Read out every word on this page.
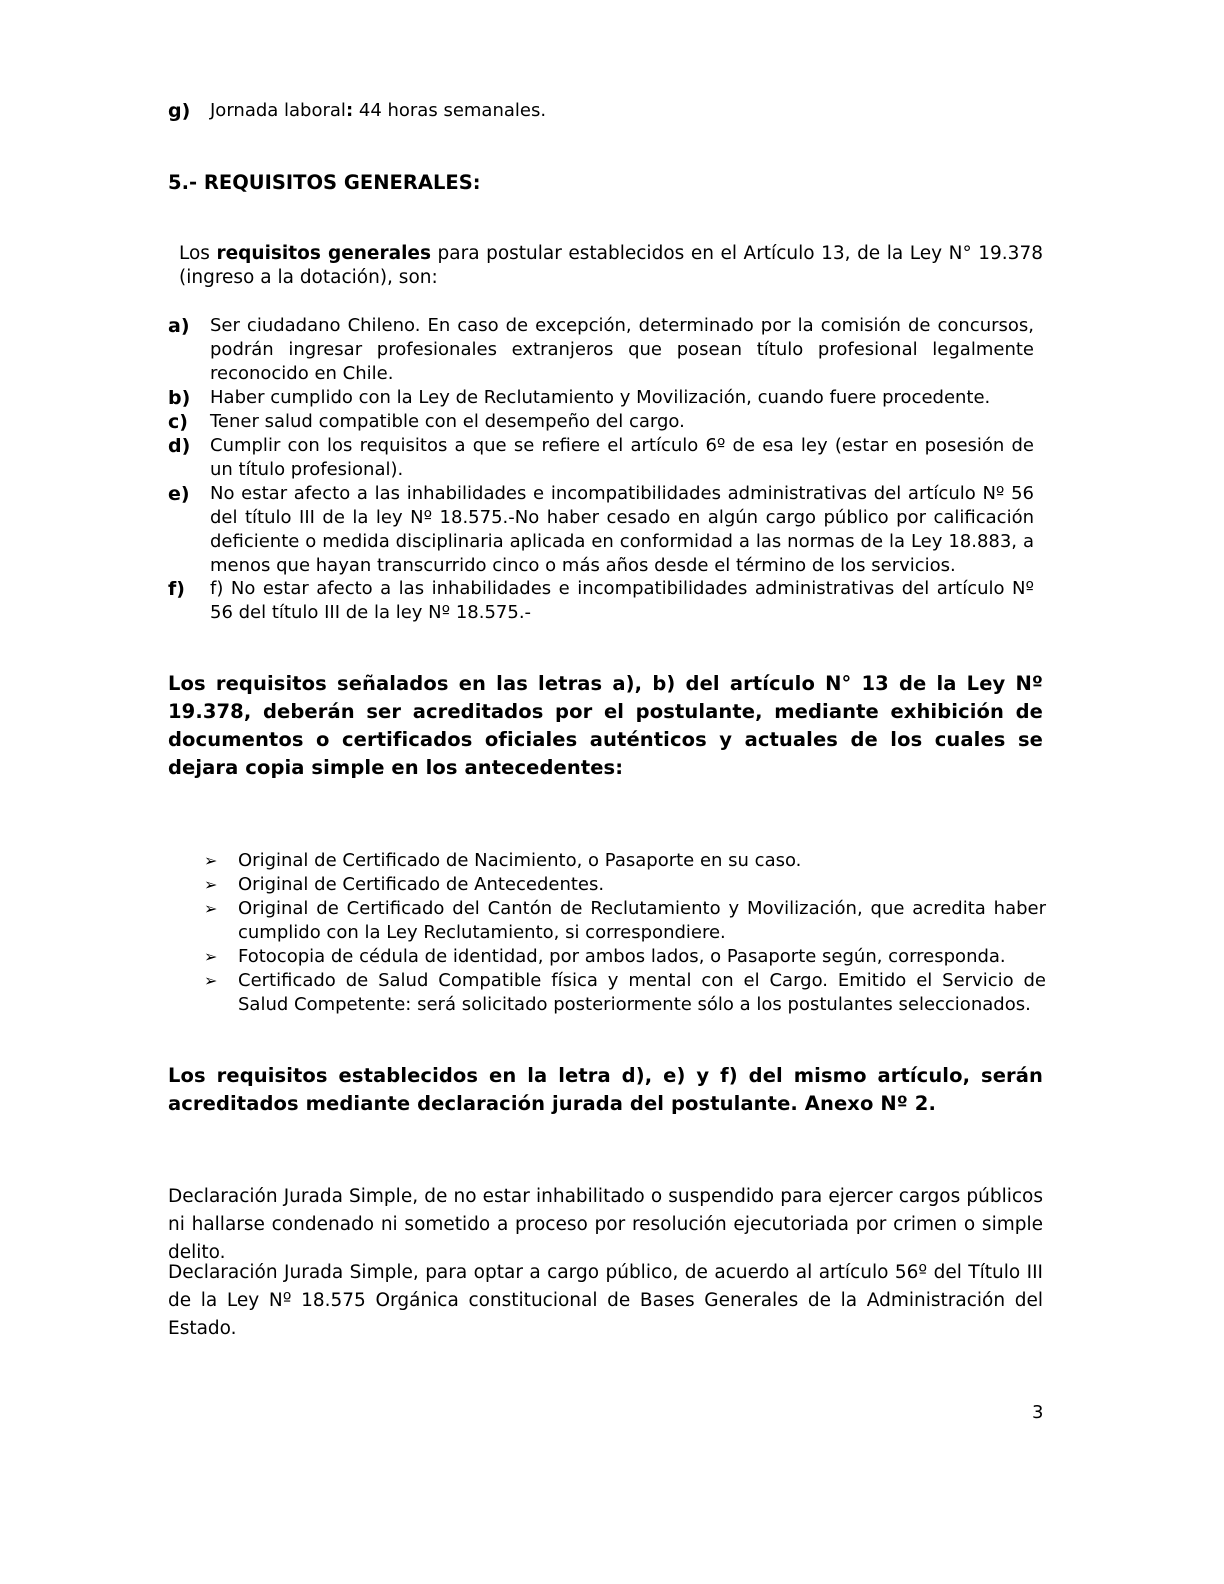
g) Jornada laboral: 44 horas semanales.
5.- REQUISITOS GENERALES:
Los requisitos generales para postular establecidos en el Artículo 13, de la Ley N° 19.378 (ingreso a la dotación), son:
a) Ser ciudadano Chileno. En caso de excepción, determinado por la comisión de concursos, podrán ingresar profesionales extranjeros que posean título profesional legalmente reconocido en Chile.
b) Haber cumplido con la Ley de Reclutamiento y Movilización, cuando fuere procedente.
c) Tener salud compatible con el desempeño del cargo.
d) Cumplir con los requisitos a que se refiere el artículo 6º de esa ley (estar en posesión de un título profesional).
e) No estar afecto a las inhabilidades e incompatibilidades administrativas del artículo Nº 56 del título III de la ley Nº 18.575.-No haber cesado en algún cargo público por calificación deficiente o medida disciplinaria aplicada en conformidad a las normas de la Ley 18.883, a menos que hayan transcurrido cinco o más años desde el término de los servicios.
f) f) No estar afecto a las inhabilidades e incompatibilidades administrativas del artículo Nº 56 del título III de la ley Nº 18.575.-
Los requisitos señalados en las letras a), b) del artículo N° 13 de la Ley Nº 19.378, deberán ser acreditados por el postulante, mediante exhibición de documentos o certificados oficiales auténticos y actuales de los cuales se dejara copia simple en los antecedentes:
➢ Original de Certificado de Nacimiento, o Pasaporte en su caso.
➢ Original de Certificado de Antecedentes.
➢ Original de Certificado del Cantón de Reclutamiento y Movilización, que acredita haber cumplido con la Ley Reclutamiento, si correspondiere.
➢ Fotocopia de cédula de identidad, por ambos lados, o Pasaporte según, corresponda.
➢ Certificado de Salud Compatible física y mental con el Cargo. Emitido el Servicio de Salud Competente: será solicitado posteriormente sólo a los postulantes seleccionados.
Los requisitos establecidos en la letra d), e) y f) del mismo artículo, serán acreditados mediante declaración jurada del postulante. Anexo Nº 2.
Declaración Jurada Simple, de no estar inhabilitado o suspendido para ejercer cargos públicos ni hallarse condenado ni sometido a proceso por resolución ejecutoriada por crimen o simple delito.
Declaración Jurada Simple, para optar a cargo público, de acuerdo al artículo 56º del Título III de la Ley Nº 18.575 Orgánica constitucional de Bases Generales de la Administración del Estado.
3
